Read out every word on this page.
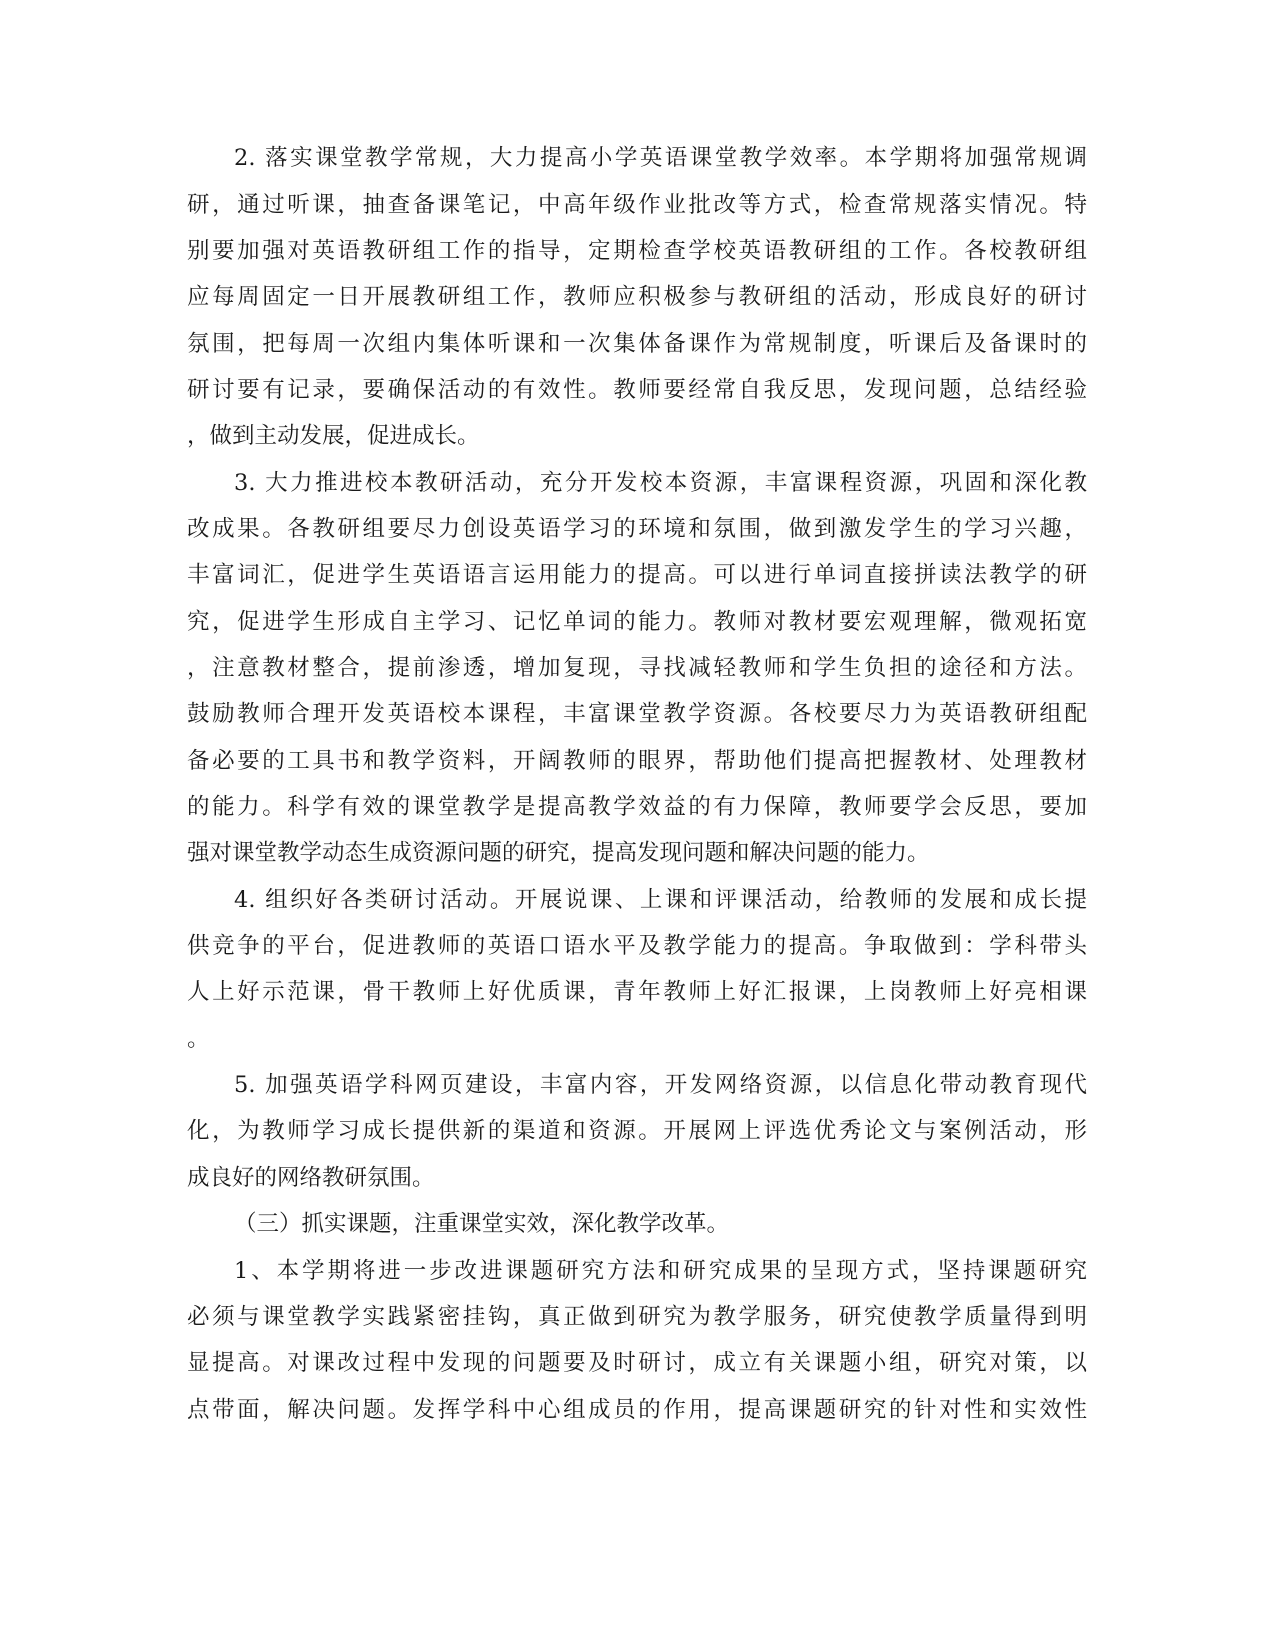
2. 落实课堂教学常规，大力提高小学英语课堂教学效率。本学期将加强常规调

研，通过听课，抽查备课笔记，中高年级作业批改等方式，检查常规落实情况。特

别要加强对英语教研组工作的指导，定期检查学校英语教研组的工作。各校教研组

应每周固定一日开展教研组工作，教师应积极参与教研组的活动，形成良好的研讨

氛围，把每周一次组内集体听课和一次集体备课作为常规制度，听课后及备课时的

研讨要有记录，要确保活动的有效性。教师要经常自我反思，发现问题，总结经验

，做到主动发展，促进成长。

3. 大力推进校本教研活动，充分开发校本资源，丰富课程资源，巩固和深化教

改成果。各教研组要尽力创设英语学习的环境和氛围，做到激发学生的学习兴趣，

丰富词汇，促进学生英语语言运用能力的提高。可以进行单词直接拼读法教学的研

究，促进学生形成自主学习、记忆单词的能力。教师对教材要宏观理解，微观拓宽

，注意教材整合，提前渗透，增加复现，寻找减轻教师和学生负担的途径和方法。

鼓励教师合理开发英语校本课程，丰富课堂教学资源。各校要尽力为英语教研组配

备必要的工具书和教学资料，开阔教师的眼界，帮助他们提高把握教材、处理教材

的能力。科学有效的课堂教学是提高教学效益的有力保障，教师要学会反思，要加

强对课堂教学动态生成资源问题的研究，提高发现问题和解决问题的能力。

4. 组织好各类研讨活动。开展说课、上课和评课活动，给教师的发展和成长提

供竞争的平台，促进教师的英语口语水平及教学能力的提高。争取做到：学科带头

人上好示范课，骨干教师上好优质课，青年教师上好汇报课，上岗教师上好亮相课

。

5. 加强英语学科网页建设，丰富内容，开发网络资源，以信息化带动教育现代

化，为教师学习成长提供新的渠道和资源。开展网上评选优秀论文与案例活动，形

成良好的网络教研氛围。

（三）抓实课题，注重课堂实效，深化教学改革。

1、本学期将进一步改进课题研究方法和研究成果的呈现方式，坚持课题研究

必须与课堂教学实践紧密挂钩，真正做到研究为教学服务，研究使教学质量得到明

显提高。对课改过程中发现的问题要及时研讨，成立有关课题小组，研究对策，以

点带面，解决问题。发挥学科中心组成员的作用，提高课题研究的针对性和实效性
